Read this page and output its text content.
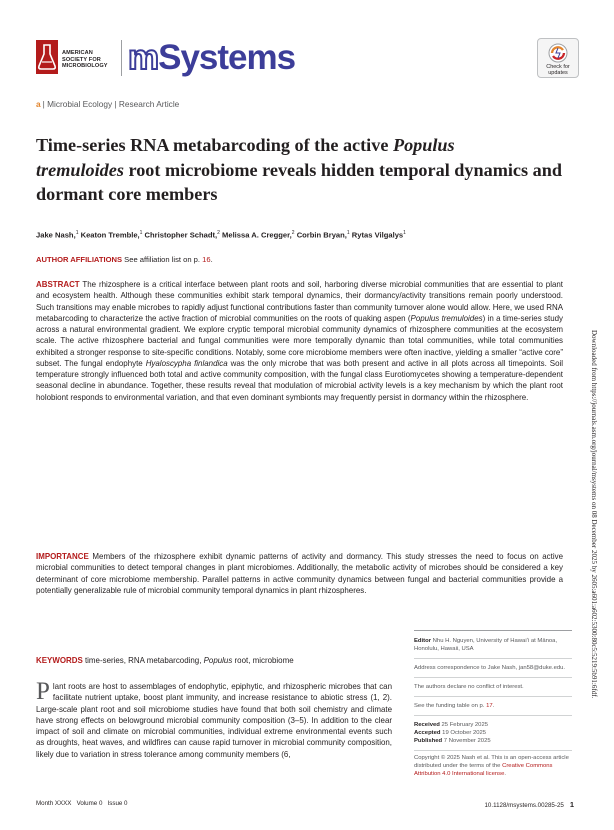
AMERICAN
SOCIETY FOR
MICROBIOLOGY mSystems	Check for
updates
a | Microbial Ecology | Research Article
Time-series RNA metabarcoding of the active Populus
tremuloides root microbiome reveals hidden temporal dynamics and dormant core members
Jake Nash,$^1$ Keaton Tremble,$^1$ Christopher Schadt,$^2$ Melissa A. Cregger,$^2$ Corbin Bryan,$^1$ Rytas Vilgalys$^1$
AUTHOR AFFILIATIONS See affiliation list on p. 16.
ABSTRACT The rhizosphere is a critical interface between plant roots and soil, harboring diverse microbial communities that are essential to plant and ecosystem health. Although these communities exhibit stark temporal dynamics, their dormancy/activity transitions remain poorly understood. Such transitions may enable microbes to rapidly adjust functional contributions faster than community turnover alone would allow. Here, we used RNA metabarcoding to characterize the active fraction of microbial communities on the roots of quaking aspen (Populus tremuloides) in a time-series study across a natural environmental gradient. We explore cryptic temporal microbial community dynamics of rhizosphere communities at the ecosystem scale. The active rhizosphere bacterial and fungal communities were more temporally dynamic than total communities, while total communities exhibited a stronger response to site-specific conditions. Notably, some core microbiome members were often inactive, yielding a smaller “active core” subset. The fungal endophyte Hyaloscypha finlandica was the only microbe that was both present and active in all plots across all timepoints. Soil temperature strongly influenced both total and active community composition, with the fungal class Eurotiomycetes showing a temperature-dependent seasonal decline in abundance. Together, these results reveal that modulation of microbial activity levels is a key mechanism by which the plant root holobiont responds to environmental variation, and that even dominant symbionts may frequently persist in dormancy within the rhizosphere.
IMPORTANCE Members of the rhizosphere exhibit dynamic patterns of activity and dormancy. This study stresses the need to focus on active microbial communities to detect temporal changes in plant microbiomes. Additionally, the metabolic activity of microbes should be considered a key determinant of core microbiome membership. Parallel patterns in active community dynamics between fungal and bacterial communities provide a potentially generalizable rule of microbial community temporal dynamics in plant rhizospheres.
KEYWORDS time-series, RNA metabarcoding, Populus root, microbiome
Plant roots are host to assemblages of endophytic, epiphytic, and rhizospheric microbes that can facilitate nutrient uptake, boost plant immunity, and increase resistance to abiotic stress (1, 2). Large-scale plant root and soil microbiome studies have found that both soil chemistry and climate have strong effects on belowground microbial community composition (3–5). In addition to the clear impact of soil and climate on microbial communities, individual extreme environmental events such as droughts, heat waves, and wildfires can cause rapid turnover in microbial community composition, likely due to variation in stress tolerance among community members (6,
Editor Nhu H. Nguyen, University of Hawaiʻi at Mānoa, Honolulu, Hawaii, USA
Address correspondence to Jake Nash, jan58@duke.edu.
The authors declare no conflict of interest.
See the funding table on p. 17.
Received 25 February 2025
Accepted 19 October 2025
Published 7 November 2025
Copyright © 2025 Nash et al. This is an open-access article distributed under the terms of the Creative Commons Attribution 4.0 International license.
Downloaded from https://journals.asm.org/journal/msystems on 08 December 2025 by 2605:a601:a602:5300:80c5:5219:5b91:6fdf.
Month XXXX   Volume 0   Issue 0	10.1128/msystems.00285-25 1
